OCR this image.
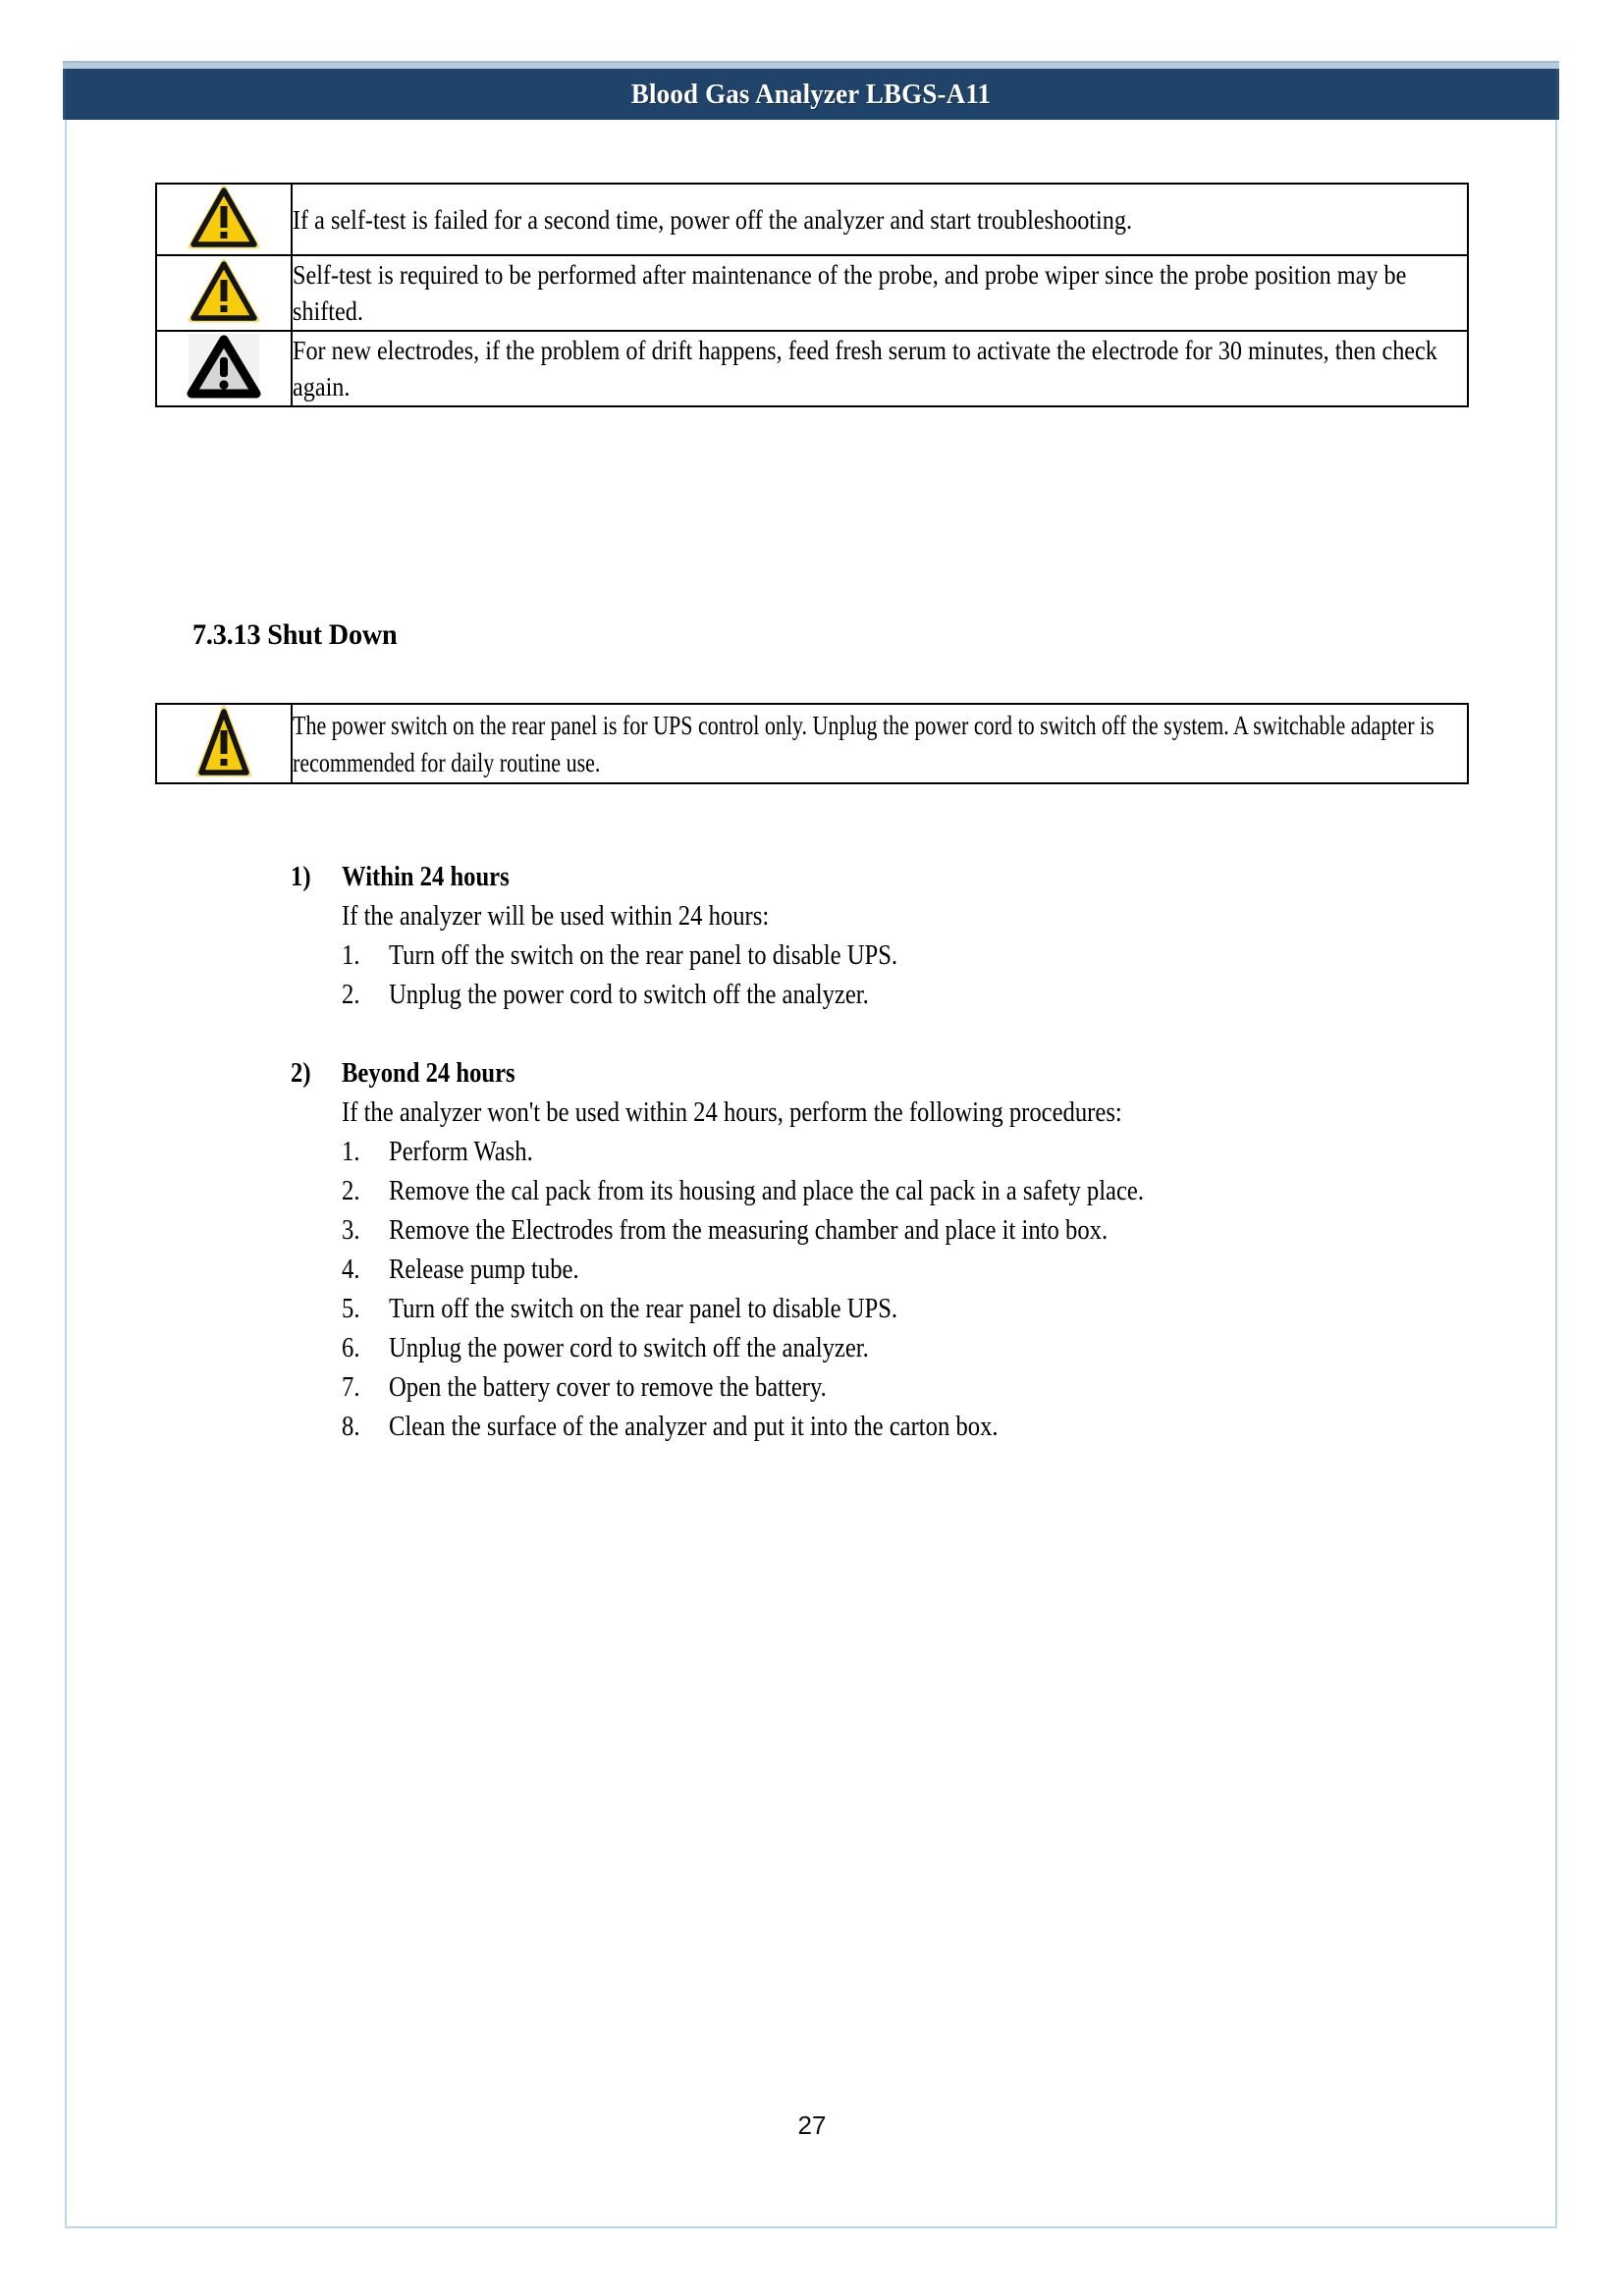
Blood Gas Analyzer LBGS-A11

If a self-test is failed for a second time, power off the analyzer and start troubleshooting.

Self-test is required to be performed after maintenance of the probe, and probe wiper since the probe position may be shifted.

For new electrodes, if the problem of drift happens, feed fresh serum to activate the electrode for 30 minutes, then check again.
7.3.13 Shut Down

The power switch on the rear panel is for UPS control only. Unplug the power cord to switch off the system. A switchable adapter is recommended for daily routine use.
1)	Within 24 hours
If the analyzer will be used within 24 hours:
1.	Turn off the switch on the rear panel to disable UPS.
2.	Unplug the power cord to switch off the analyzer.
2)	Beyond 24 hours
If the analyzer won't be used within 24 hours, perform the following procedures:
1.	Perform Wash.
2.	Remove the cal pack from its housing and place the cal pack in a safety place.
3.	Remove the Electrodes from the measuring chamber and place it into box.
4.	Release pump tube.
5.	Turn off the switch on the rear panel to disable UPS.
6.	Unplug the power cord to switch off the analyzer.
7.	Open the battery cover to remove the battery.
8.	Clean the surface of the analyzer and put it into the carton box.
27
